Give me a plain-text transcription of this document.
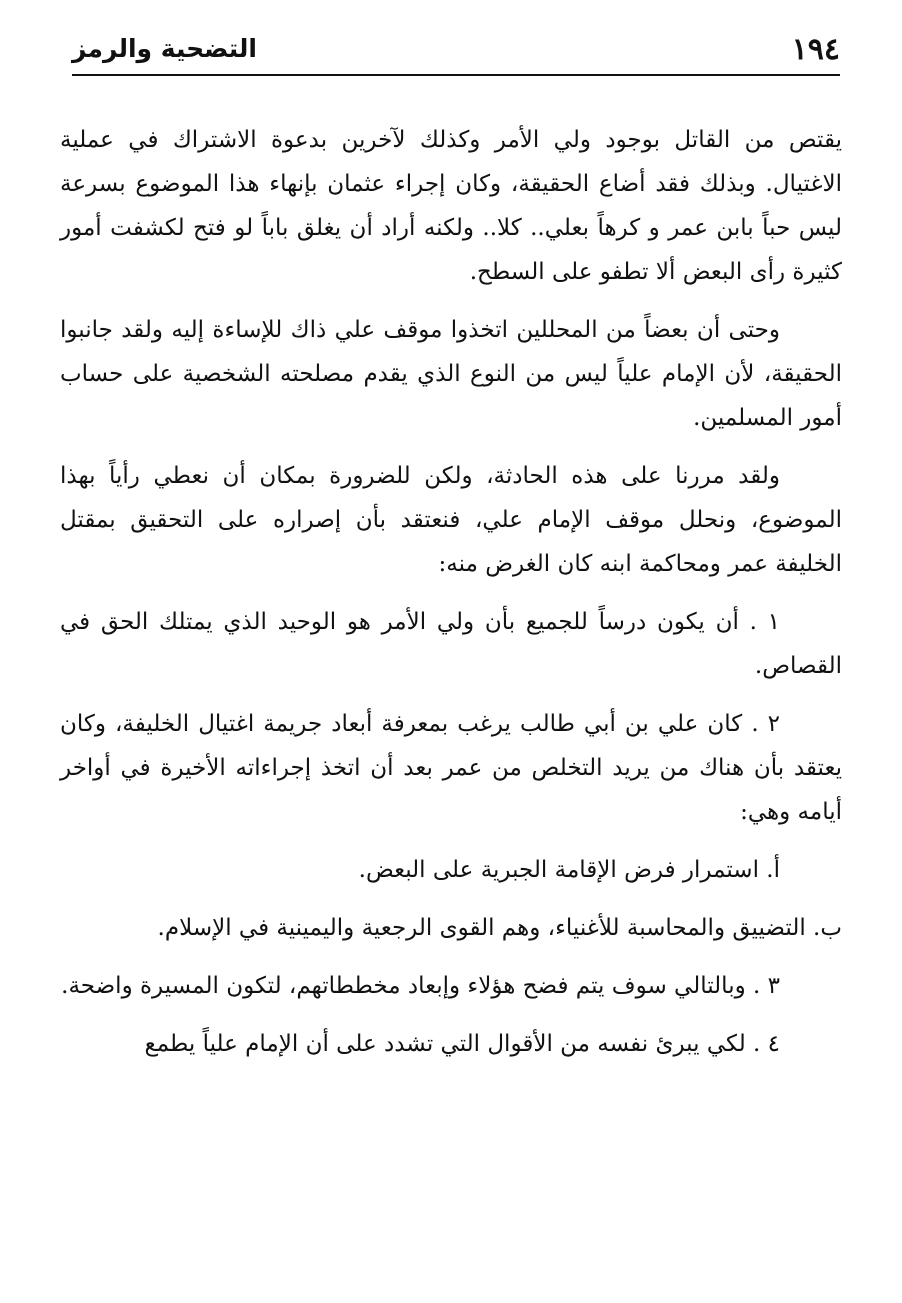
١٩٤
التضحية والرمز

يقتص من القاتل بوجود ولي الأمر وكذلك لآخرين بدعوة الاشتراك في عملية الاغتيال. وبذلك فقد أضاع الحقيقة، وكان إجراء عثمان بإنهاء هذا الموضوع بسرعة ليس حباً بابن عمر و كرهاً بعلي.. كلا.. ولكنه أراد أن يغلق باباً لو فتح لكشفت أمور كثيرة رأى البعض ألا تطفو على السطح.

وحتى أن بعضاً من المحللين اتخذوا موقف علي ذاك للإساءة إليه ولقد جانبوا الحقيقة، لأن الإمام علياً ليس من النوع الذي يقدم مصلحته الشخصية على حساب أمور المسلمين.

ولقد مررنا على هذه الحادثة، ولكن للضرورة بمكان أن نعطي رأياً بهذا الموضوع، ونحلل موقف الإمام علي، فنعتقد بأن إصراره على التحقيق بمقتل الخليفة عمر ومحاكمة ابنه كان الغرض منه:

١ . أن يكون درساً للجميع بأن ولي الأمر هو الوحيد الذي يمتلك الحق في القصاص.

٢ . كان علي بن أبي طالب يرغب بمعرفة أبعاد جريمة اغتيال الخليفة، وكان يعتقد بأن هناك من يريد التخلص من عمر بعد أن اتخذ إجراءاته الأخيرة في أواخر أيامه وهي:

أ. استمرار فرض الإقامة الجبرية على البعض.

ب. التضييق والمحاسبة للأغنياء، وهم القوى الرجعية واليمينية في الإسلام.

٣ . وبالتالي سوف يتم فضح هؤلاء وإبعاد مخططاتهم، لتكون المسيرة واضحة.

٤ . لكي يبرئ نفسه من الأقوال التي تشدد على أن الإمام علياً يطمع
